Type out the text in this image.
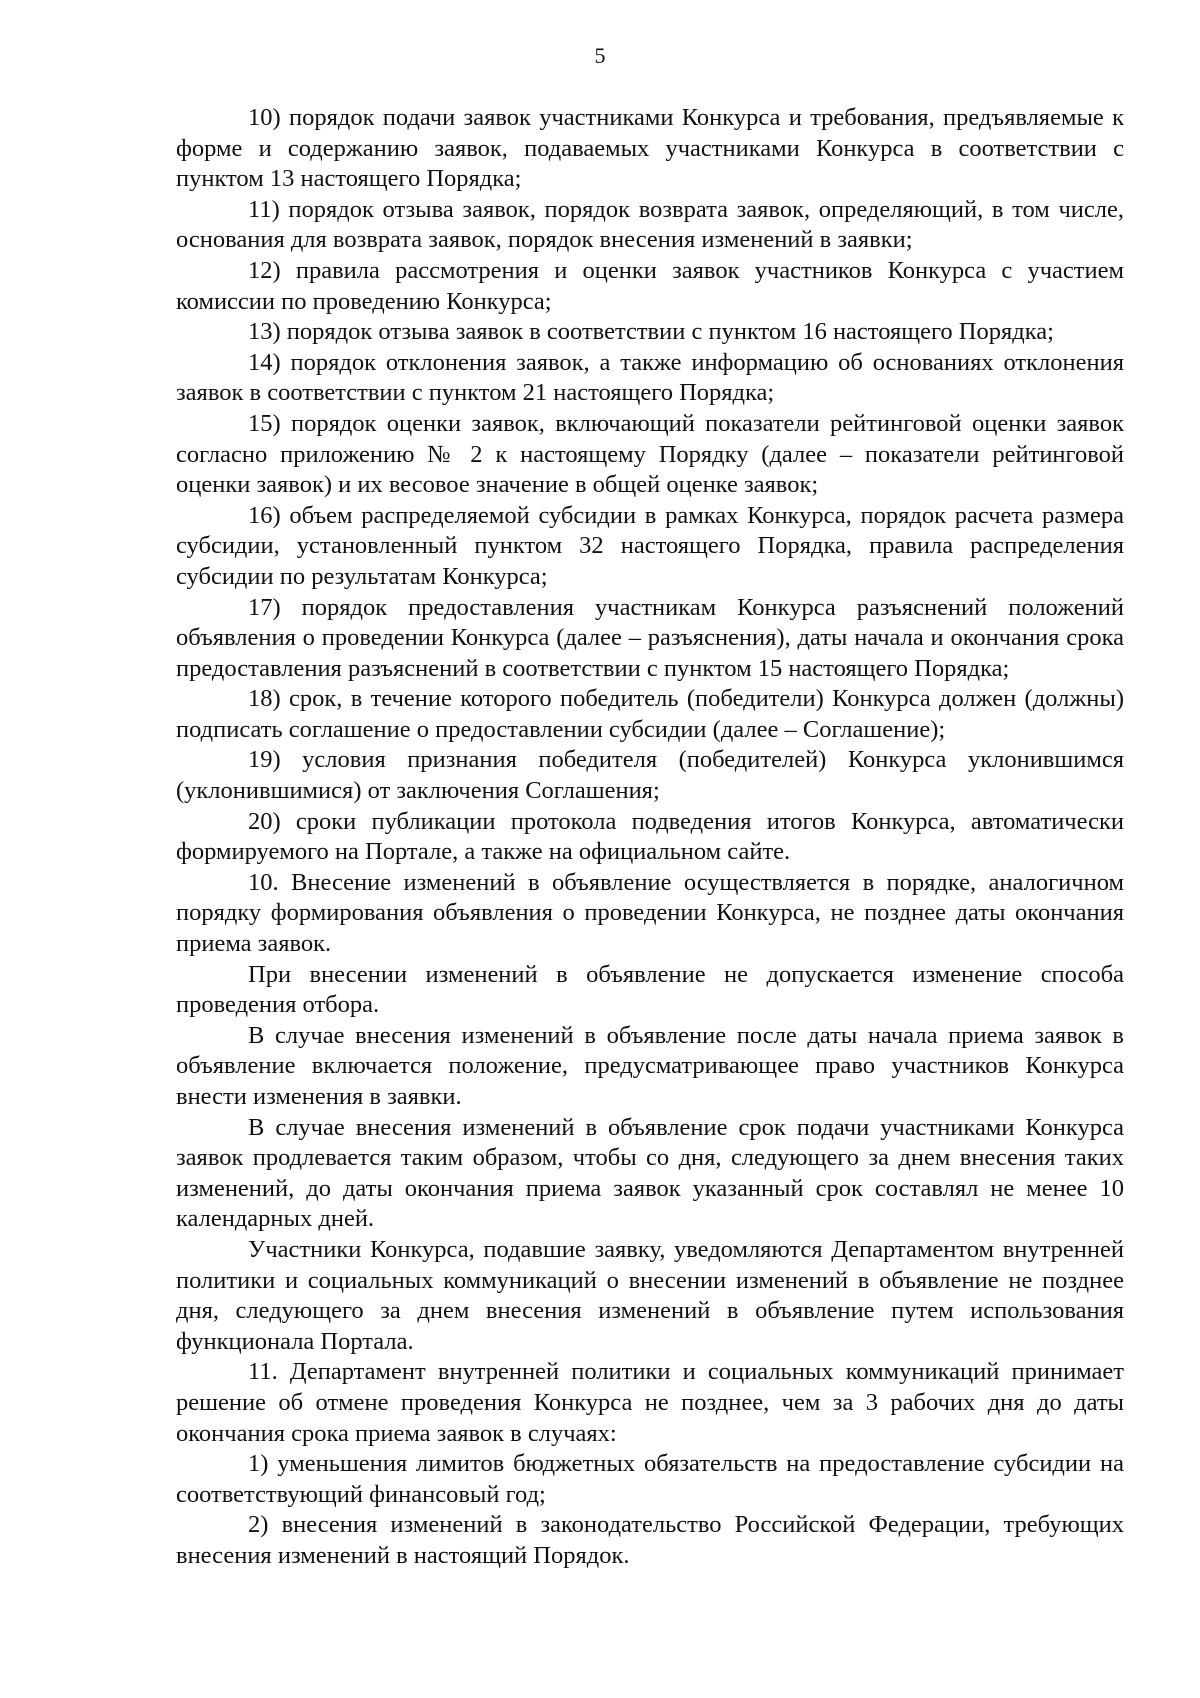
5

10) порядок подачи заявок участниками Конкурса и требования, предъявляемые к форме и содержанию заявок, подаваемых участниками Конкурса в соответствии с пунктом 13 настоящего Порядка;

11) порядок отзыва заявок, порядок возврата заявок, определяющий, в том числе, основания для возврата заявок, порядок внесения изменений в заявки;

12) правила рассмотрения и оценки заявок участников Конкурса с участием комиссии по проведению Конкурса;

13) порядок отзыва заявок в соответствии с пунктом 16 настоящего Порядка;

14) порядок отклонения заявок, а также информацию об основаниях отклонения заявок в соответствии с пунктом 21 настоящего Порядка;

15) порядок оценки заявок, включающий показатели рейтинговой оценки заявок согласно приложению № 2 к настоящему Порядку (далее – показатели рейтинговой оценки заявок) и их весовое значение в общей оценке заявок;

16) объем распределяемой субсидии в рамках Конкурса, порядок расчета размера субсидии, установленный пунктом 32 настоящего Порядка, правила распределения субсидии по результатам Конкурса;

17) порядок предоставления участникам Конкурса разъяснений положений объявления о проведении Конкурса (далее – разъяснения), даты начала и окончания срока предоставления разъяснений в соответствии с пунктом 15 настоящего Порядка;

18) срок, в течение которого победитель (победители) Конкурса должен (должны) подписать соглашение о предоставлении субсидии (далее – Соглашение);

19) условия признания победителя (победителей) Конкурса уклонившимся (уклонившимися) от заключения Соглашения;

20) сроки публикации протокола подведения итогов Конкурса, автоматически формируемого на Портале, а также на официальном сайте.

10. Внесение изменений в объявление осуществляется в порядке, аналогичном порядку формирования объявления о проведении Конкурса, не позднее даты окончания приема заявок.

При внесении изменений в объявление не допускается изменение способа проведения отбора.

В случае внесения изменений в объявление после даты начала приема заявок в объявление включается положение, предусматривающее право участников Конкурса внести изменения в заявки.

В случае внесения изменений в объявление срок подачи участниками Конкурса заявок продлевается таким образом, чтобы со дня, следующего за днем внесения таких изменений, до даты окончания приема заявок указанный срок составлял не менее 10 календарных дней.

Участники Конкурса, подавшие заявку, уведомляются Департаментом внутренней политики и социальных коммуникаций о внесении изменений в объявление не позднее дня, следующего за днем внесения изменений в объявление путем использования функционала Портала.

11. Департамент внутренней политики и социальных коммуникаций принимает решение об отмене проведения Конкурса не позднее, чем за 3 рабочих дня до даты окончания срока приема заявок в случаях:

1) уменьшения лимитов бюджетных обязательств на предоставление субсидии на соответствующий финансовый год;

2) внесения изменений в законодательство Российской Федерации, требующих внесения изменений в настоящий Порядок.
